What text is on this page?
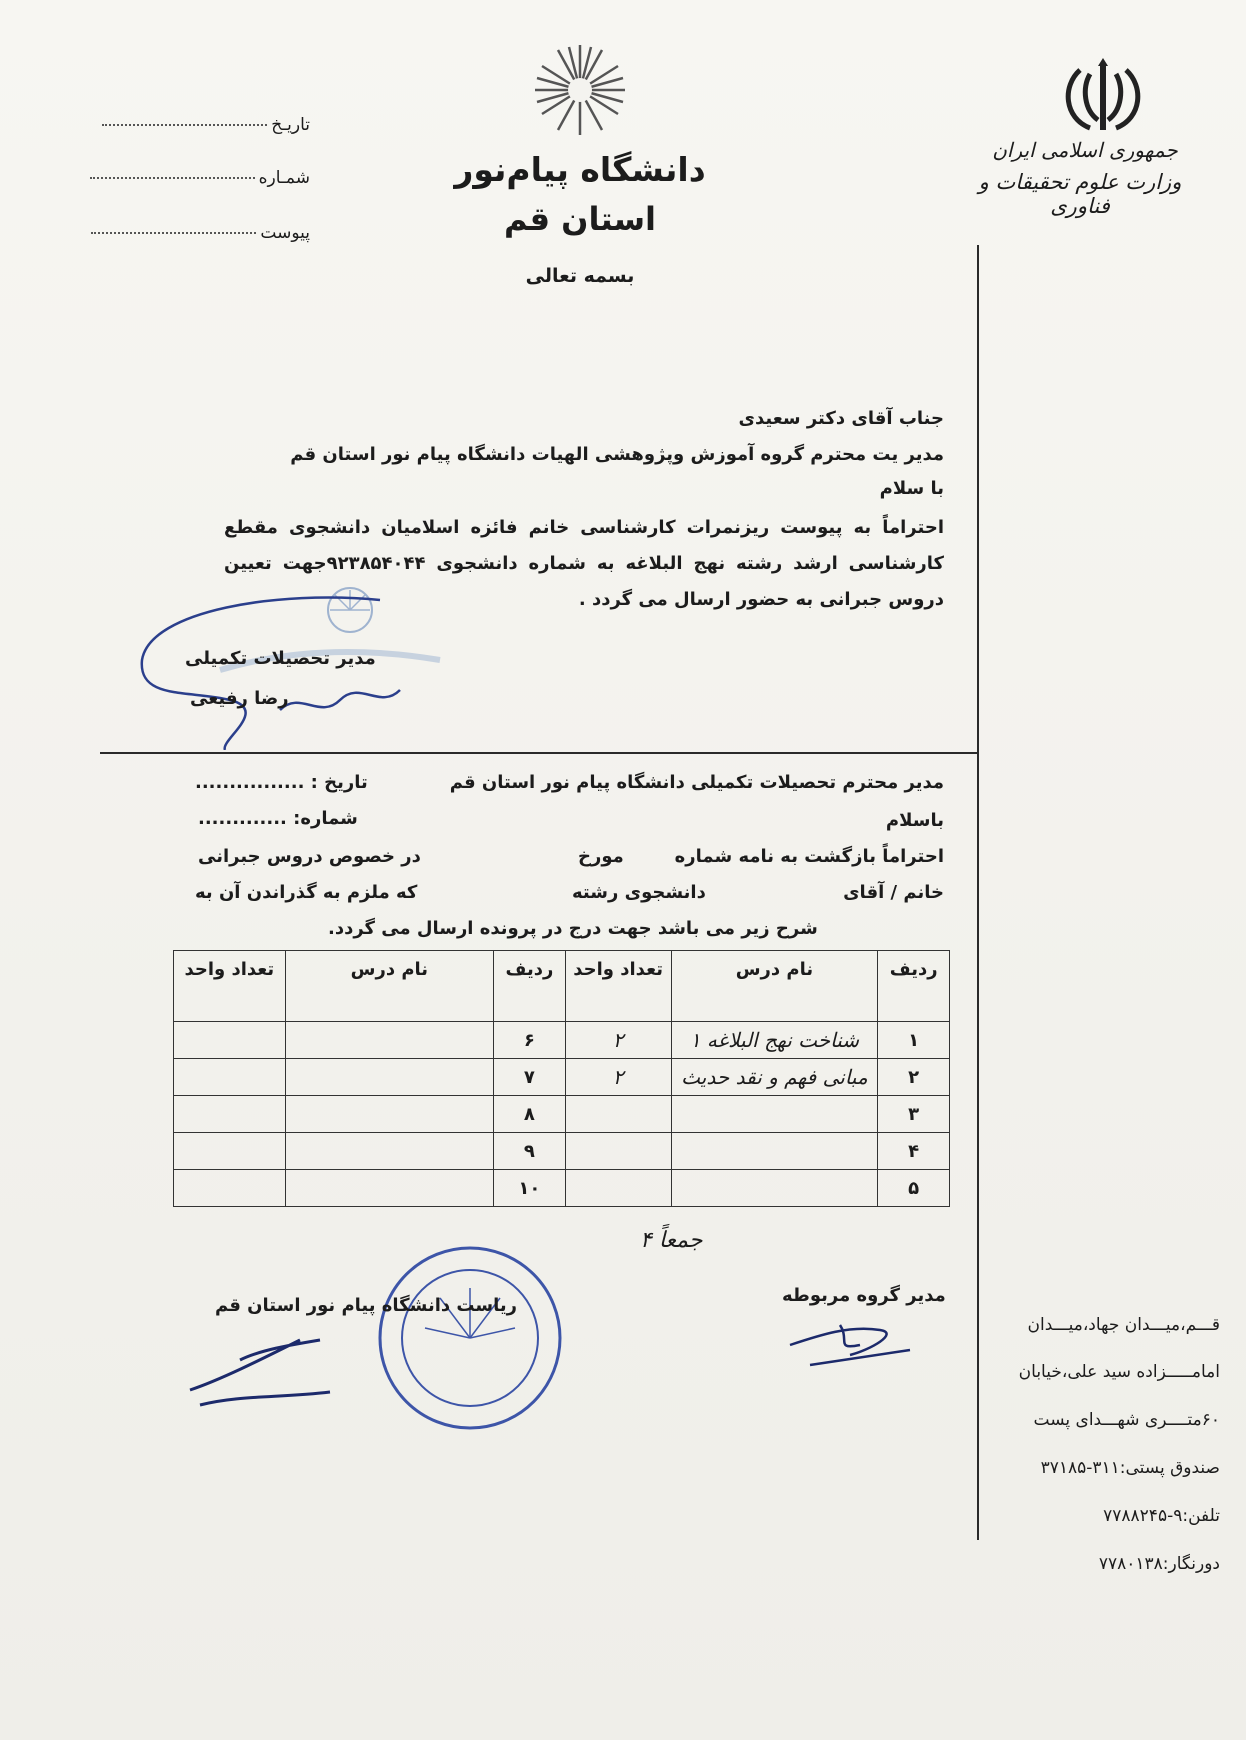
جمهوری اسلامی ایران
وزارت علوم تحقیقات و فناوری
دانشگاه پیام‌نور
استان قم
بسمه تعالی
تاریـخ
شمـاره
پیوست
جناب آقای دکتر سعیدی
مدیر یت محترم گروه آموزش وپژوهشی الهیات دانشگاه پیام نور استان قم
با سلام
احتراماً به پیوست ریزنمرات کارشناسی خانم فائزه اسلامیان دانشجوی مقطع کارشناسی ارشد رشته نهج البلاغه به شماره دانشجوی ۹۲۳۸۵۴۰۴۴جهت تعیین دروس جبرانی به حضور ارسال می گردد .
مدیر تحصیلات تکمیلی
رضا رفیعی
مدیر محترم تحصیلات تکمیلی دانشگاه پیام نور استان قم
تاریخ : ................
شماره: .............	باسلام
احتراماً بازگشت به نامه شماره
مورخ
در خصوص دروس جبرانی
خانم / آقای
دانشجوی رشته
که ملزم به گذراندن آن به
شرح زیر می باشد جهت درج در پرونده ارسال می گردد.
ردیف	نام درس	تعداد واحد	ردیف	نام درس	تعداد واحد
۱	شناخت نهج البلاغه ۱	۲	۶		
۲	مبانی فهم و نقد حدیث	۲	۷		
۳			۸		
۴			۹		
۵			۱۰		
جمعاً ۴
مدیر گروه مربوطه
ریاست دانشگاه پیام نور استان قم
قـــم،میـــدان جهاد،میـــدان
امامـــــزاده سید علی،خیابان
۶۰متــــری شهـــدای پست
صندوق پستی:۳۱۱-۳۷۱۸۵
تلفن:۹-۷۷۸۸۲۴۵
دورنگار:۷۷۸۰۱۳۸
